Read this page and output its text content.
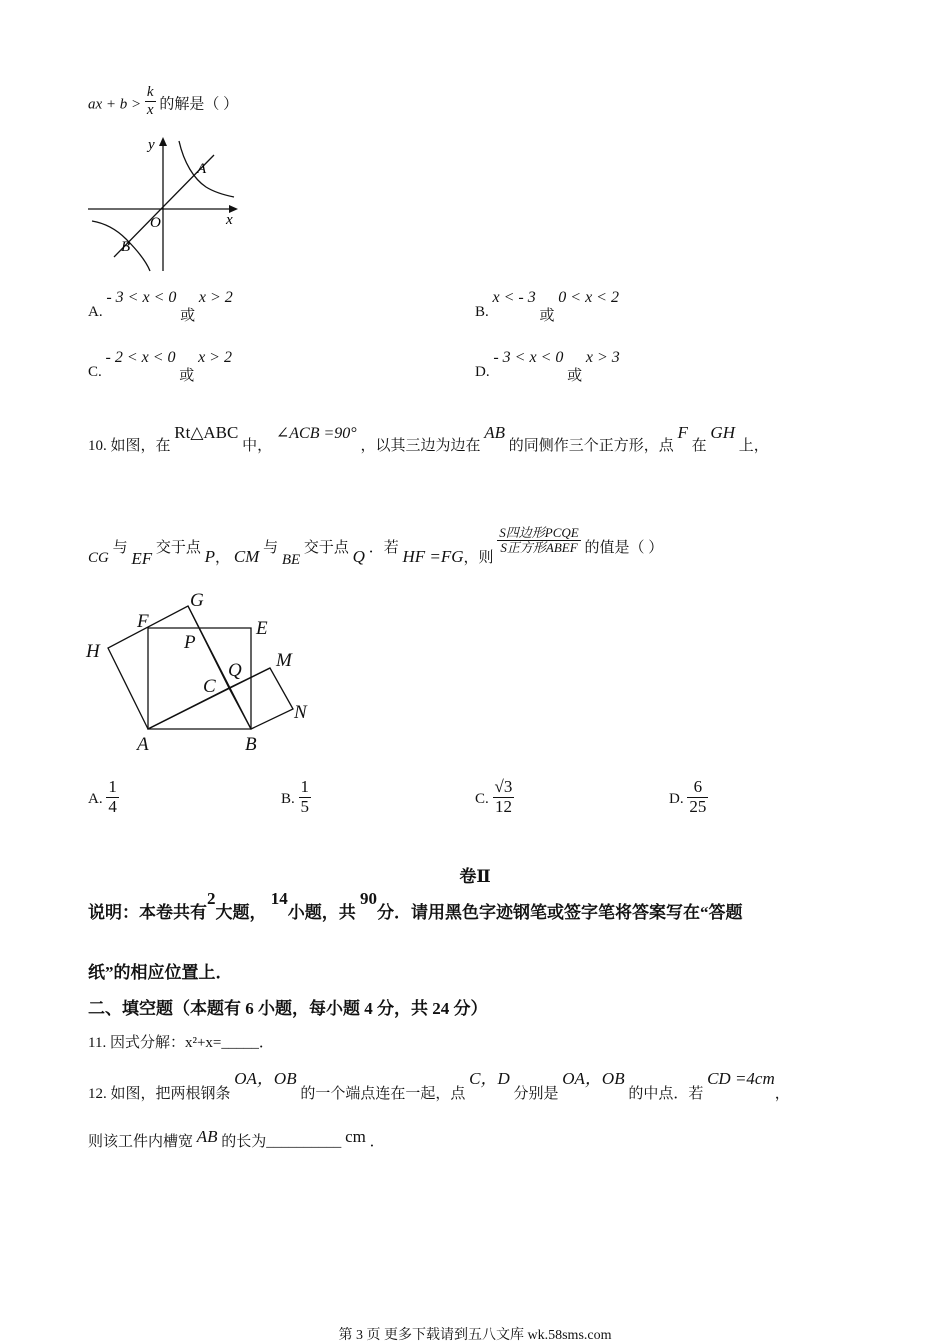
ax + $b > \frac{k}{x}$ 的解是（ ）
y
x
O
A
B
A. - 3 < x < 0 或 x > 2
B. x < - 3 或 0 < x < 2
C. - 2 < x < 0 或 x > 2
D. - 3 < x < 0 或 x > 3
10. 如图，在 Rt△ABC 中， ∠ACB =90° ，以其三边为边在 AB 的同侧作三个正方形，点 F 在 GH 上，
CG 与 EF 交于点 P， CM 与 BE 交于点 Q ．若 HF =FG，则
$\frac{\text{S四边形PCQE}}{\text{S正方形ABEF}}$ 的值是（ ）
G
F	E
H	P
M
Q
C
N
A	B
A. $\frac{1}{4}$	B. $\frac{1}{5}$	C. $\frac{√3}{12}$	D. $\frac{6}{25}$
卷Ⅱ
说明：本卷共有2大题， 14小题，共 90分．请用黑色字迹钢笔或签字笔将答案写在“答题
纸”的相应位置上．
二、填空题（本题有 6 小题，每小题 4 分，共 24 分）
11. 因式分解：x²+x=_____．
12. 如图，把两根钢条 OA，OB 的一个端点连在一起，点 C，D 分别是 OA，OB 的中点．若 CD =4cm，
则该工件内槽宽 AB 的长为__________ cm ．
第 3 页 更多下载请到五八文库 wk.58sms.com
